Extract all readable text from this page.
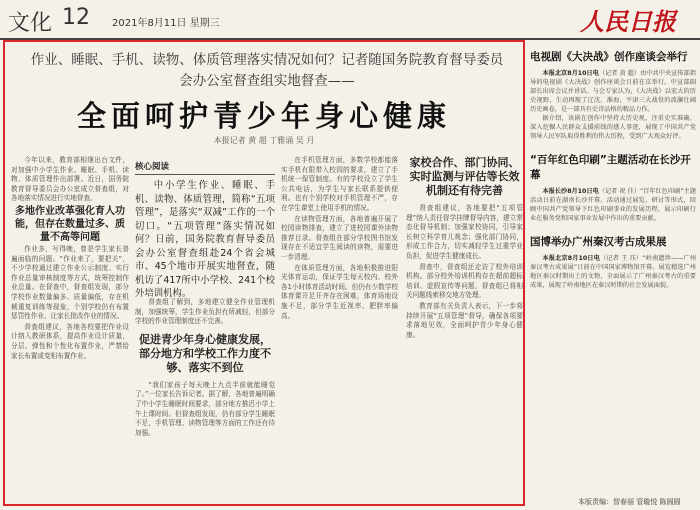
文化 12 2021年8月11日 星期三	人民日报
作业、睡眠、手机、读物、体质管理落实情况如何？记者随国务院教育督导委员会办公室督查组实地督查——
全面呵护青少年身心健康
本报记者 黄 超 丁雅诵 吴 月

今年以来，教育部相继出台文件，对加强中小学生作业、睡眠、手机、读物、体质管理作出部署。近日，国务院教育督导委员会办公室成立督查组，对各地落实情况进行实地督查。

多地作业改革强化育人功能，但存在数量过多、质量不高等问题

作业多，写得晚，曾是学生家长普遍面临的问题。“作业来了，要把关”，不少学校通过建立作业公示制度、实行作业总量审核制度等方式，统筹控制作业总量。在督查中，督查组发现，部分学校作业数量偏多、质量偏低，存在机械重复训练等现象，个别学校仍有布置惩罚性作业、让家长批改作业的情况。

督查组建议，各地各校要把作业设计纳入教研体系，提高作业设计质量，分层、弹性和个性化布置作业，严禁给家长布置或变相布置作业。

核心阅读
中小学生作业、睡眠、手机、读物、体质管理，简称“五项管理”，是落实“双减”工作的一个切口。“五项管理”落实情况如何？日前，国务院教育督导委员会办公室督查组赴24个省会城市、45个地市开展实地督查，随机访了417所中小学校、241个校外培训机构。

督查组了解到，多地建立健全作业管理机制，加强统筹，学生作业负担有所减轻，但部分学校的作业管理制度还不完善。

促进青少年身心健康发展，部分地方和学校工作力度不够、落实不到位

“我们家孩子每天晚上九点半前就能睡觉了。”一位家长告诉记者。据了解，各地普遍明确了中小学生睡眠时间要求，部分地方推迟小学上午上课时间。但督查组发现，仍有部分学生睡眠不足，手机管理、读物管理等方面的工作还有待加强。

在手机管理方面，多数学校都能落实手机有限带入校园的要求，建立了手机统一保管制度。有的学校设立了学生公共电话，为学生与家长联系提供便利。也有个别学校对手机管理不严，存在学生课堂上使用手机的情况。

在读物管理方面，各地普遍开展了校园读物排查，建立了进校园课外读物推荐目录。督查组在部分学校图书馆发现存在不适宜学生阅读的读物，需要进一步清理。

在体质管理方面，各地积极推进阳光体育运动，保证学生每天校内、校外各1小时体育活动时间。但仍有少数学校体育课开足开齐存在困难，体育场地设施不足，部分学生近视率、肥胖率偏高。

家校合作、部门协同、实时监测与评估等长效机制还有待完善

督查组建议，各地要把“五项管理”纳入责任督学挂牌督导内容，建立常态化督导机制；加强家校协同，引导家长树立科学育儿观念；强化部门协同，形成工作合力，切实减轻学生过重学业负担，促进学生健康成长。

督查中，督查组还走访了校外培训机构。部分校外培训机构存在超前超标培训、虚假宣传等问题，督查组已将相关问题线索移交地方处理。

教育部有关负责人表示，下一步将持续开展“五项管理”督导，确保各项要求落地见效，全面呵护青少年身心健康。

电视剧《大决战》创作座谈会举行

本报北京8月10日电（记者 黄 超）由中共中央宣传部指导的电视剧《大决战》创作座谈会日前在京举行。中宣部副部长出席会议并讲话。与会专家认为，《大决战》以宏大的历史视野，生动再现了辽沈、淮海、平津三大战役的波澜壮阔历史画卷，是一部具有史诗品格的精品力作。

据介绍，该剧在创作中坚持大历史观，注重史实准确，深入挖掘人民群众支援前线的感人事迹，展现了中国共产党领导人民军队取得胜利的伟大历程，受到广大观众好评。

“百年红色印刷”主题活动在长沙开幕

本报长沙8月10日电（记者 祝 佳）“百年红色印刷”主题活动日前在湖南长沙开幕。活动通过展览、研讨等形式，回顾中国共产党领导下红色印刷事业的发展历程，展示印刷行业在服务党和国家事业发展中作出的重要贡献。

国博举办广州秦汉考古成果展

本报北京8月10日电（记者 王 珏）“岭南遗珍——广州秦汉考古成果展”日前在中国国家博物馆开幕。展览精选广州地区秦汉时期出土的文物，全面展示了广州秦汉考古的重要成果，展现了岭南地区在秦汉时期的社会发展面貌。

本版责编：智春丽 管璇悦 陈圆圆
